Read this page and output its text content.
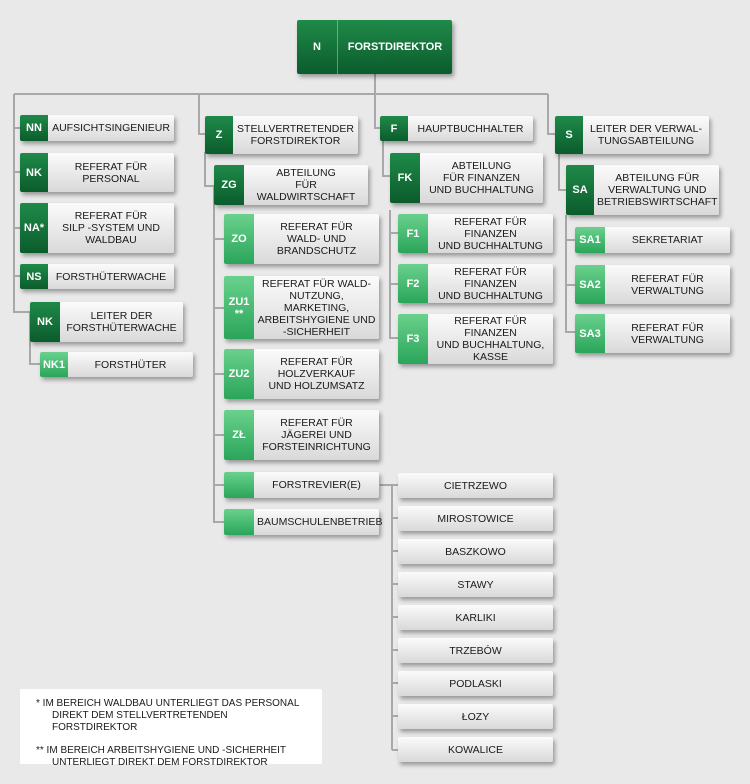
N	FORSTDIREKTOR
NN AUFSICHTSINGENIEUR
NK	REFERAT FÜR
PERSONAL
NA*
REFERAT FÜR
SILP -SYSTEM UND
WALDBAU
NS	FORSTHÜTERWACHE
NK	LEITER DER
FORSTHÜTERWACHE
NK1	FORSTHÜTER
Z	STELLVERTRETENDER
FORSTDIREKTOR
ZG
ABTEILUNG
FÜR WALDWIRTSCHAFT
ZO
REFERAT FÜR
WALD- UND
BRANDSCHUTZ
ZU1
**
REFERAT FÜR WALD-
NUTZUNG, MARKETING,
ARBEITSHYGIENE UND
-SICHERHEIT
ZU2
REFERAT FÜR
HOLZVERKAUF
UND HOLZUMSATZ
ZŁ
REFERAT FÜR
JÄGEREI UND
FORSTEINRICHTUNG
FORSTREVIER(E)
BAUMSCHULENBETRIEB
F	HAUPTBUCHHALTER
FK
ABTEILUNG
FÜR FINANZEN
UND BUCHHALTUNG
F1
REFERAT FÜR FINANZEN
UND BUCHHALTUNG
F2
REFERAT FÜR FINANZEN
UND BUCHHALTUNG
F3
REFERAT FÜR FINANZEN
UND BUCHHALTUNG,
KASSE
S	LEITER DER VERWAL-
TUNGSABTEILUNG
SA
ABTEILUNG FÜR
VERWALTUNG UND
BETRIEBSWIRTSCHAFT
SA1	SEKRETARIAT
SA2	REFERAT FÜR
VERWALTUNG
SA3	REFERAT FÜR
VERWALTUNG
CIETRZEWO
MIROSTOWICE
BASZKOWO
STAWY
KARLIKI
TRZEBÓW
PODLASKI
ŁOZY
KOWALICE
* IM BEREICH WALDBAU UNTERLIEGT DAS PERSONAL
DIREKT DEM STELLVERTRETENDEN FORSTDIREKTOR
** IM BEREICH ARBEITSHYGIENE UND -SICHERHEIT
UNTERLIEGT DIREKT DEM FORSTDIREKTOR
